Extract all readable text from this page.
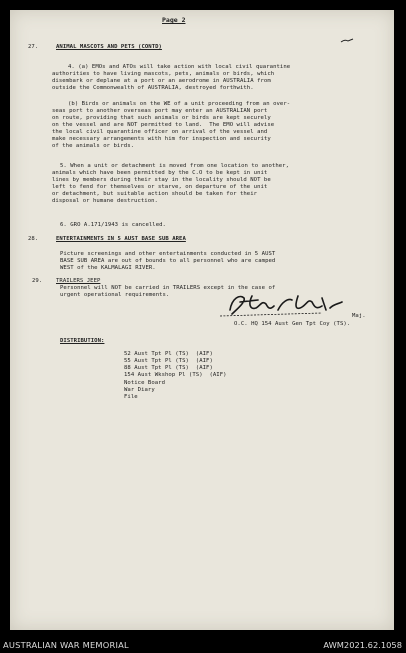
Page 2
27.	ANIMAL MASCOTS AND PETS (CONTD)
4. (a) EMOs and ATOs will take action with local civil quarantine
authorities to have living mascots, pets, animals or birds, which
disembark or deplane at a port or an aerodrome in AUSTRALIA from
outside the Commonwealth of AUSTRALIA, destroyed forthwith.
(b) Birds or animals on the WE of a unit proceeding from an over-
seas port to another overseas port may enter an AUSTRALIAN port
on route, providing that such animals or birds are kept securely
on the vessel and are NOT permitted to land.  The EMO will advise
the local civil quarantine officer on arrival of the vessel and
make necessary arrangements with him for inspection and security
of the animals or birds.
5. When a unit or detachment is moved from one location to another,
animals which have been permitted by the C.O to be kept in unit
lines by members during their stay in the locality should NOT be
left to fend for themselves or starve, on departure of the unit
or detachment, but suitable action should be taken for their
disposal or humane destruction.
6. GRO A.171/1943 is cancelled.
28.	ENTERTAINMENTS IN 5 AUST BASE SUB AREA
Picture screenings and other entertainments conducted in 5 AUST
BASE SUB AREA are out of bounds to all personnel who are camped
WEST of the KALMALAGI RIVER.
29. TRAILERS JEEP
Personnel will NOT be carried in TRAILERS except in the case of
urgent operational requirements.
Maj.
O.C. HQ 154 Aust Gen Tpt Coy (TS).
DISTRIBUTION:
52 Aust Tpt Pl (TS)  (AIF)
55 Aust Tpt Pl (TS)  (AIF)
88 Aust Tpt Pl (TS)  (AIF)
154 Aust Wkshop Pl (TS)  (AIF)
Notice Board
War Diary
File
AUSTRALIAN WAR MEMORIAL	AWM2021.62.1058
